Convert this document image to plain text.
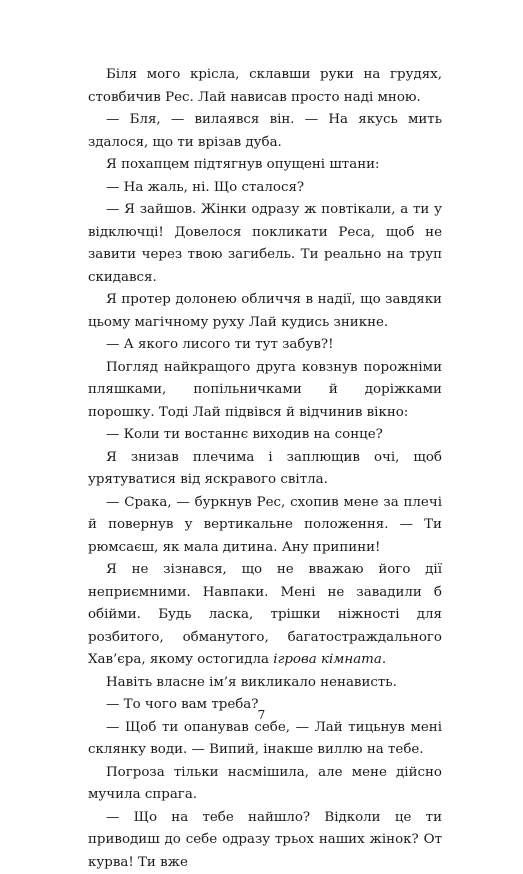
Біля мого крісла, склавши руки на грудях, стовбичив Рес. Лай нависав просто наді мною.

— Бля, — вилаявся він. — На якусь мить здалося, що ти врізав дуба.

Я похапцем підтягнув опущені штани:

— На жаль, ні. Що сталося?

— Я зайшов. Жінки одразу ж повтікали, а ти у відключці! Довелося покликати Реса, щоб не завити через твою загибель. Ти реально на труп скидався.

Я протер долонею обличчя в надії, що завдяки цьому магічному руху Лай кудись зникне.

— А якого лисого ти тут забув?!

Погляд найкращого друга ковзнув порожніми пляшками, попільничками й доріжками порошку. Тоді Лай підвівся й відчинив вікно:

— Коли ти востаннє виходив на сонце?

Я знизав плечима і заплющив очі, щоб урятуватися від яскравого світла.

— Срака, — буркнув Рес, схопив мене за плечі й повернув у вертикальне положення. — Ти рюмсаєш, як мала дитина. Ану припини!

Я не зізнався, що не вважаю його дії неприємними. Навпаки. Мені не завадили б обійми. Будь ласка, трішки ніжності для розбитого, обманутого, багатостраждального Хав’єра, якому остогидла ігрова кімната.

Навіть власне ім’я викликало ненависть.

— То чого вам треба?

— Щоб ти опанував себе, — Лай тицьнув мені склянку води. — Випий, інакше виллю на тебе.

Погроза тільки насмішила, але мене дійсно мучила спрага.

— Що на тебе найшло? Відколи це ти приводиш до себе одразу трьох наших жінок? От курва! Ти вже

7
